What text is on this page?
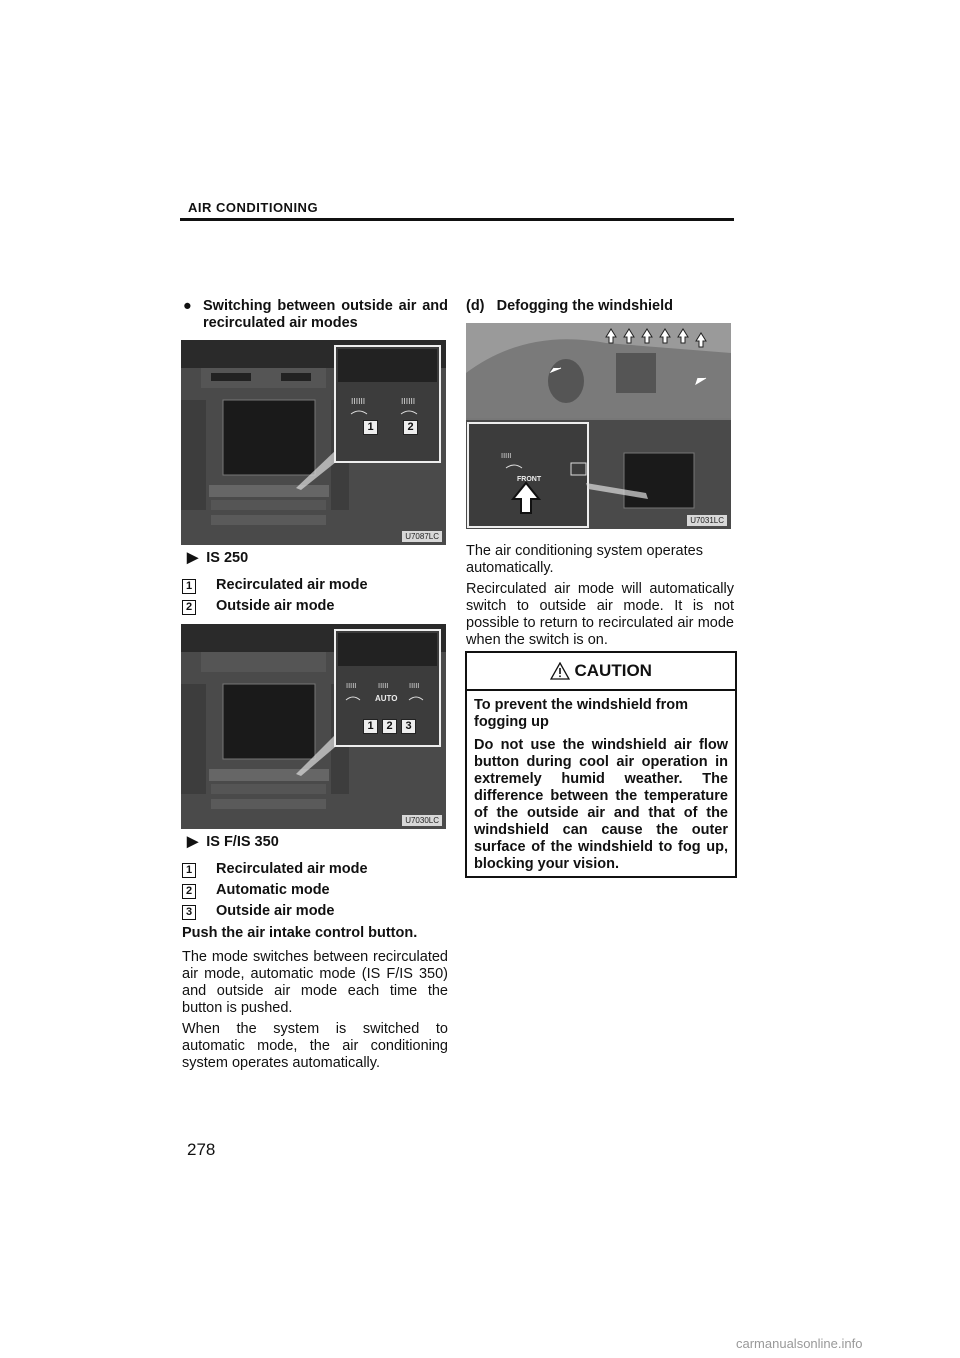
AIR CONDITIONING
● Switching between outside air and recirculated air modes
IIIIII	IIIIII
1	2
U7087LC
▶ IS 250
1 Recirculated air mode
2 Outside air mode
IIIII	IIIII	IIIII
AUTO
1	2	3
U7030LC
▶ IS F/IS 350
1 Recirculated air mode
2 Automatic mode
3 Outside air mode
Push the air intake control button.
The mode switches between recirculated air mode, automatic mode (IS F/IS 350) and outside air mode each time the button is pushed.
When the system is switched to automatic mode, the air conditioning system operates automatically.
(d)   Defogging the windshield
IIIII
FRONT
U7031LC
The air conditioning system operates automatically.
Recirculated air mode will automatically switch to outside air mode. It is not possible to return to recirculated air mode when the switch is on.
CAUTION
To prevent the windshield from fogging up
Do not use the windshield air flow button during cool air operation in extremely humid weather. The difference between the temperature of the outside air and that of the windshield can cause the outer surface of the windshield to fog up, blocking your vision.
278
carmanualsonline.info
